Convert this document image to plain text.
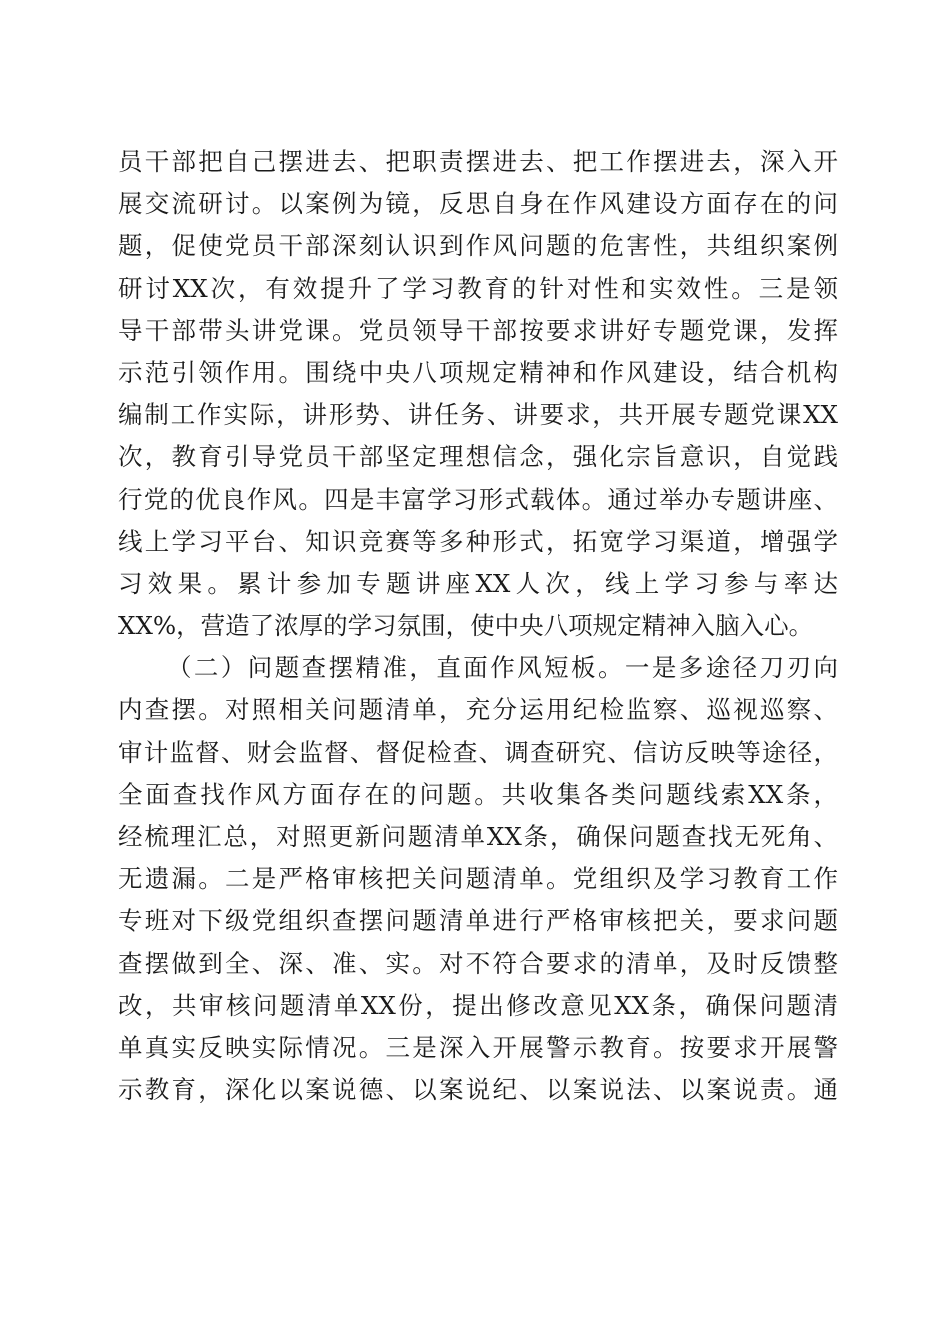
员干部把自己摆进去、把职责摆进去、把工作摆进去，深入开
展交流研讨。以案例为镜，反思自身在作风建设方面存在的问
题，促使党员干部深刻认识到作风问题的危害性，共组织案例
研讨XX次，有效提升了学习教育的针对性和实效性。三是领
导干部带头讲党课。党员领导干部按要求讲好专题党课，发挥
示范引领作用。围绕中央八项规定精神和作风建设，结合机构
编制工作实际，讲形势、讲任务、讲要求，共开展专题党课XX
次，教育引导党员干部坚定理想信念，强化宗旨意识，自觉践
行党的优良作风。四是丰富学习形式载体。通过举办专题讲座、
线上学习平台、知识竞赛等多种形式，拓宽学习渠道，增强学
习效果。累计参加专题讲座XX人次，线上学习参与率达
XX%，营造了浓厚的学习氛围，使中央八项规定精神入脑入心。
（二）问题查摆精准，直面作风短板。一是多途径刀刃向
内查摆。对照相关问题清单，充分运用纪检监察、巡视巡察、
审计监督、财会监督、督促检查、调查研究、信访反映等途径，
全面查找作风方面存在的问题。共收集各类问题线索XX条，
经梳理汇总，对照更新问题清单XX条，确保问题查找无死角、
无遗漏。二是严格审核把关问题清单。党组织及学习教育工作
专班对下级党组织查摆问题清单进行严格审核把关，要求问题
查摆做到全、深、准、实。对不符合要求的清单，及时反馈整
改，共审核问题清单XX份，提出修改意见XX条，确保问题清
单真实反映实际情况。三是深入开展警示教育。按要求开展警
示教育，深化以案说德、以案说纪、以案说法、以案说责。通
